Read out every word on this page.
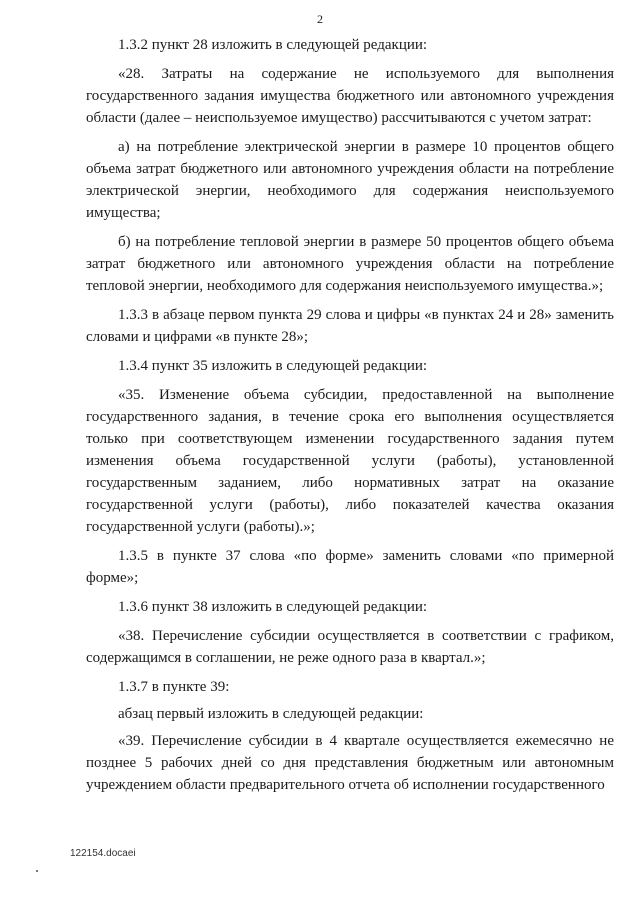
2

1.3.2 пункт 28 изложить в следующей редакции:

«28. Затраты на содержание не используемого для выполнения государственного задания имущества бюджетного или автономного учреждения области (далее – неиспользуемое имущество) рассчитываются с учетом затрат:

а) на потребление электрической энергии в размере 10 процентов общего объема затрат бюджетного или автономного учреждения области на потребление электрической энергии, необходимого для содержания неиспользуемого имущества;

б) на потребление тепловой энергии в размере 50 процентов общего объема затрат бюджетного или автономного учреждения области на потребление тепловой энергии, необходимого для содержания неиспользуемого имущества.»;

1.3.3 в абзаце первом пункта 29 слова и цифры «в пунктах 24 и 28» заменить словами и цифрами «в пункте 28»;

1.3.4 пункт 35 изложить в следующей редакции:

«35. Изменение объема субсидии, предоставленной на выполнение государственного задания, в течение срока его выполнения осуществляется только при соответствующем изменении государственного задания путем изменения объема государственной услуги (работы), установленной государственным заданием, либо нормативных затрат на оказание государственной услуги (работы), либо показателей качества оказания государственной услуги (работы).»;

1.3.5 в пункте 37 слова «по форме» заменить словами «по примерной форме»;

1.3.6 пункт 38 изложить в следующей редакции:

«38. Перечисление субсидии осуществляется в соответствии с графиком, содержащимся в соглашении, не реже одного раза в квартал.»;

1.3.7 в пункте 39:

абзац первый изложить в следующей редакции:

«39. Перечисление субсидии в 4 квартале осуществляется ежемесячно не позднее 5 рабочих дней со дня представления бюджетным или автономным учреждением области предварительного отчета об исполнении государственного

122154.docaei
